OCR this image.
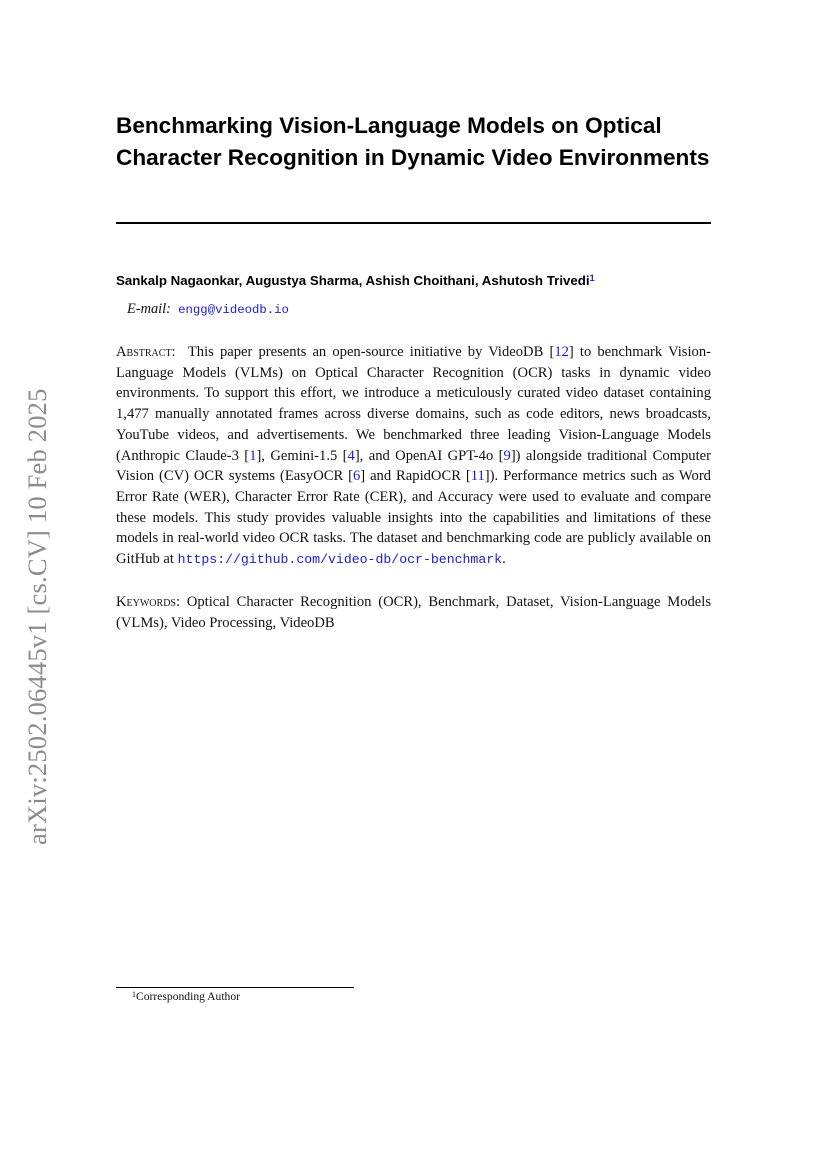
arXiv:2502.06445v1 [cs.CV] 10 Feb 2025
Benchmarking Vision-Language Models on Optical
Character Recognition in Dynamic Video Environments
Sankalp Nagaonkar, Augustya Sharma, Ashish Choithani, Ashutosh Trivedi$^1$
E-mail: engg@videodb.io

Abstract: This paper presents an open-source initiative by VideoDB [12] to benchmark Vision-Language Models (VLMs) on Optical Character Recognition (OCR) tasks in dynamic video environments. To support this effort, we introduce a meticulously curated video dataset containing 1,477 manually annotated frames across diverse domains, such as code editors, news broadcasts, YouTube videos, and advertisements. We benchmarked three leading Vision-Language Models (Anthropic Claude-3 [1], Gemini-1.5 [4], and OpenAI GPT-4o [9]) alongside traditional Computer Vision (CV) OCR systems (EasyOCR [6] and RapidOCR [11]). Performance metrics such as Word Error Rate (WER), Character Error Rate (CER), and Accuracy were used to evaluate and compare these models. This study provides valuable insights into the capabilities and limitations of these models in real-world video OCR tasks. The dataset and benchmarking code are publicly available on GitHub at https://github.com/video-db/ocr-benchmark.

Keywords: Optical Character Recognition (OCR), Benchmark, Dataset, Vision-Language Models (VLMs), Video Processing, VideoDB

$^1$Corresponding Author
